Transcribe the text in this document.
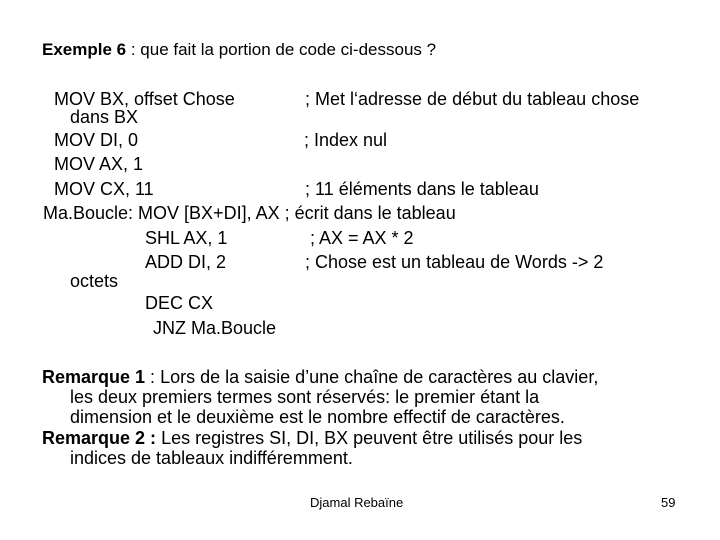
Exemple 6 : que fait la portion de code ci-dessous ?
MOV BX, offset Chose	; Met l‘adresse de début du tableau chose
dans BX
MOV DI, 0	; Index nul
MOV AX, 1
MOV CX, 11	; 11 éléments dans le tableau
Ma.Boucle: MOV [BX+DI], AX ; écrit dans le tableau
SHL AX, 1	; AX = AX * 2
ADD DI, 2	; Chose est un tableau de Words -> 2
octets
DEC CX
JNZ Ma.Boucle
Remarque 1 : Lors de la saisie d’une chaîne de caractères au clavier,
les deux premiers termes sont réservés: le premier étant la
dimension et le deuxième est le nombre effectif de caractères.
Remarque 2 : Les registres SI, DI, BX peuvent être utilisés pour les
indices de tableaux indifféremment.
Djamal Rebaïne	59
